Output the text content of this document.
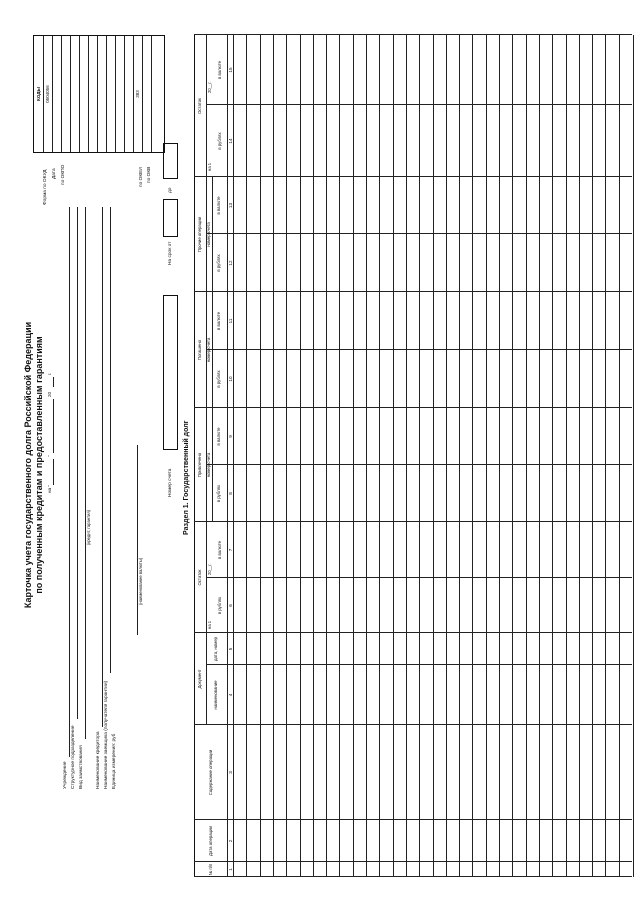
Карточка учета государственного долга Российской Федерации по полученным кредитам и предоставленным гарантиям на "
"
20
г.
Учреждение Структурное подразделение Вид заимствования
(кредит, гарантия)
Наименование кредитора Наименование заемщика (получателя гарантии) Единица измерения: руб
(наименование валюты)
Форма по ОКУД Дата по ОКПО	по ОКЕИ по ОКВ
КОДЫ 0504056	383
Номер счета
На срок от
до
Раздел 1. Государственный долг
№ п/п
Дата операции
Содержание операции
Документ
наименование
дата, номер
Остаток
на 1
20__г.
в рублях
в валюте
Привлечено номер счета
в рублях
в валюте
Погашено номер счета
в рублях
в валюте
Прочие операции номер счета
в рублях
в валюте
Остаток
на 1
20__г.
в рублях
в валюте
1
2
3
4
5
6
7
8
9
10
11
12
13
14
15
